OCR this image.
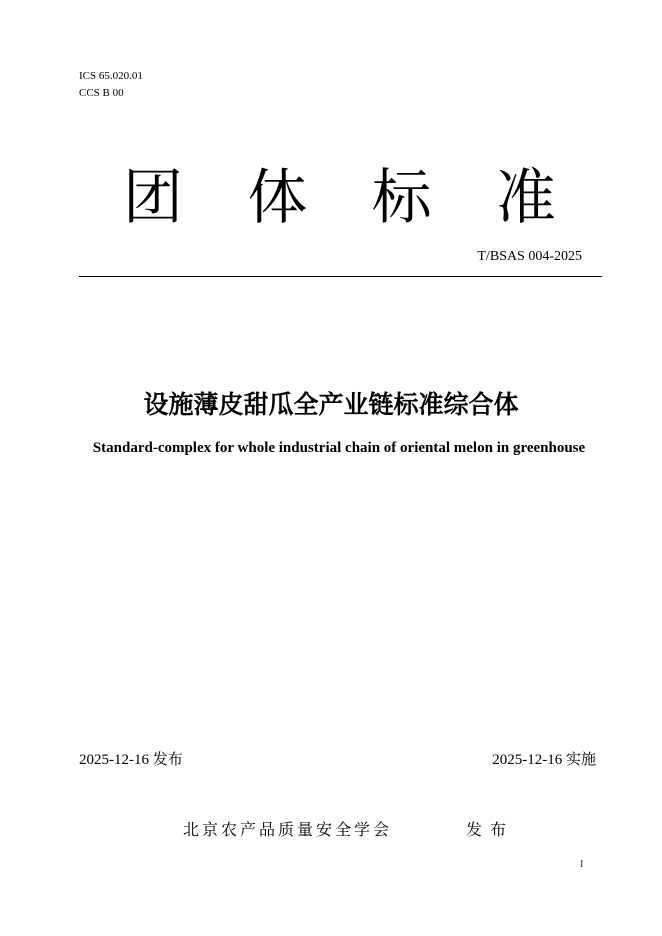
ICS 65.020.01
CCS B 00
团 体 标 准
T/BSAS 004-2025
设施薄皮甜瓜全产业链标准综合体
Standard-complex for whole industrial chain of oriental melon in greenhouse
2025-12-16 发布	2025-12-16 实施
北京农产品质量安全学会	发布
I
